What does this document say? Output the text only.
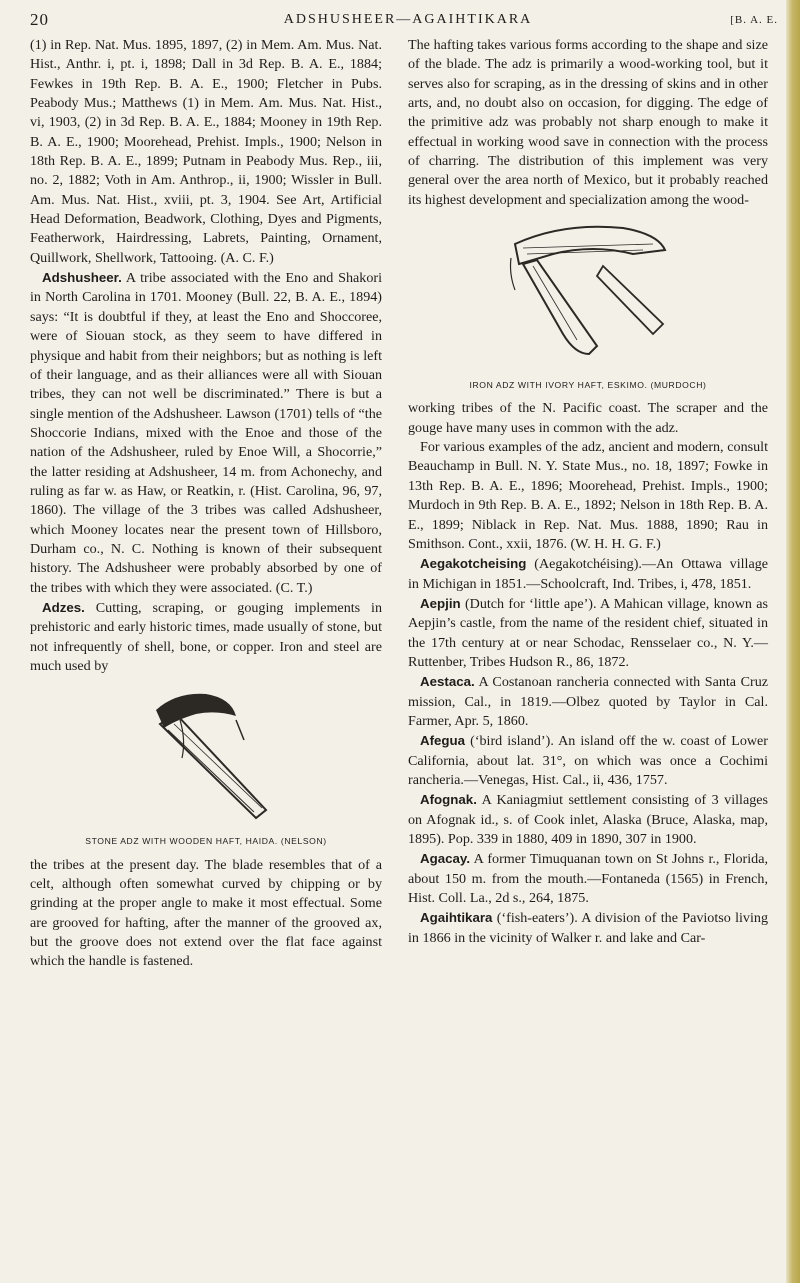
20	ADSHUSHEER—AGAIHTIKARA	[B. A. E.

(1) in Rep. Nat. Mus. 1895, 1897, (2) in Mem. Am. Mus. Nat. Hist., Anthr. i, pt. i, 1898; Dall in 3d Rep. B. A. E., 1884; Fewkes in 19th Rep. B. A. E., 1900; Fletcher in Pubs. Peabody Mus.; Matthews (1) in Mem. Am. Mus. Nat. Hist., vi, 1903, (2) in 3d Rep. B. A. E., 1884; Mooney in 19th Rep. B. A. E., 1900; Moorehead, Prehist. Impls., 1900; Nelson in 18th Rep. B. A. E., 1899; Putnam in Peabody Mus. Rep., iii, no. 2, 1882; Voth in Am. Anthrop., ii, 1900; Wissler in Bull. Am. Mus. Nat. Hist., xviii, pt. 3, 1904. See Art, Artificial Head Deformation, Beadwork, Clothing, Dyes and Pigments, Featherwork, Hairdressing, Labrets, Painting, Ornament, Quillwork, Shellwork, Tattooing. (A. C. F.)

Adshusheer. A tribe associated with the Eno and Shakori in North Carolina in 1701. Mooney (Bull. 22, B. A. E., 1894) says: “It is doubtful if they, at least the Eno and Shoccoree, were of Siouan stock, as they seem to have differed in physique and habit from their neighbors; but as nothing is left of their language, and as their alliances were all with Siouan tribes, they can not well be discriminated.” There is but a single mention of the Adshusheer. Lawson (1701) tells of “the Shoccorie Indians, mixed with the Enoe and those of the nation of the Adshusheer, ruled by Enoe Will, a Shocorrie,” the latter residing at Adshusheer, 14 m. from Achonechy, and ruling as far w. as Haw, or Reatkin, r. (Hist. Carolina, 96, 97, 1860). The village of the 3 tribes was called Adshusheer, which Mooney locates near the present town of Hillsboro, Durham co., N. C. Nothing is known of their subsequent history. The Adshusheer were probably absorbed by one of the tribes with which they were associated. (C. T.)

Adzes. Cutting, scraping, or gouging implements in prehistoric and early historic times, made usually of stone, but not infrequently of shell, bone, or copper. Iron and steel are much used by

STONE ADZ WITH WOODEN HAFT, HAIDA. (NELSON)

the tribes at the present day. The blade resembles that of a celt, although often somewhat curved by chipping or by grinding at the proper angle to make it most effectual. Some are grooved for hafting, after the manner of the grooved ax, but the groove does not extend over the flat face against which the handle is fastened.

The hafting takes various forms according to the shape and size of the blade. The adz is primarily a wood-working tool, but it serves also for scraping, as in the dressing of skins and in other arts, and, no doubt also on occasion, for digging. The edge of the primitive adz was probably not sharp enough to make it effectual in working wood save in connection with the process of charring. The distribution of this implement was very general over the area north of Mexico, but it probably reached its highest development and specialization among the wood-

IRON ADZ WITH IVORY HAFT, ESKIMO. (MURDOCH)

working tribes of the N. Pacific coast. The scraper and the gouge have many uses in common with the adz.

For various examples of the adz, ancient and modern, consult Beauchamp in Bull. N. Y. State Mus., no. 18, 1897; Fowke in 13th Rep. B. A. E., 1896; Moorehead, Prehist. Impls., 1900; Murdoch in 9th Rep. B. A. E., 1892; Nelson in 18th Rep. B. A. E., 1899; Niblack in Rep. Nat. Mus. 1888, 1890; Rau in Smithson. Cont., xxii, 1876. (W. H. H. G. F.)

Aegakotcheising (Aegakotchéising).—An Ottawa village in Michigan in 1851.—Schoolcraft, Ind. Tribes, i, 478, 1851.

Aepjin (Dutch for ‘little ape’). A Mahican village, known as Aepjin’s castle, from the name of the resident chief, situated in the 17th century at or near Schodac, Rensselaer co., N. Y.—Ruttenber, Tribes Hudson R., 86, 1872.

Aestaca. A Costanoan rancheria connected with Santa Cruz mission, Cal., in 1819.—Olbez quoted by Taylor in Cal. Farmer, Apr. 5, 1860.

Afegua (‘bird island’). An island off the w. coast of Lower California, about lat. 31°, on which was once a Cochimi rancheria.—Venegas, Hist. Cal., ii, 436, 1757.

Afognak. A Kaniagmiut settlement consisting of 3 villages on Afognak id., s. of Cook inlet, Alaska (Bruce, Alaska, map, 1895). Pop. 339 in 1880, 409 in 1890, 307 in 1900.

Agacay. A former Timuquanan town on St Johns r., Florida, about 150 m. from the mouth.—Fontaneda (1565) in French, Hist. Coll. La., 2d s., 264, 1875.

Agaihtikara (‘fish-eaters’). A division of the Paviotso living in 1866 in the vicinity of Walker r. and lake and Car-
